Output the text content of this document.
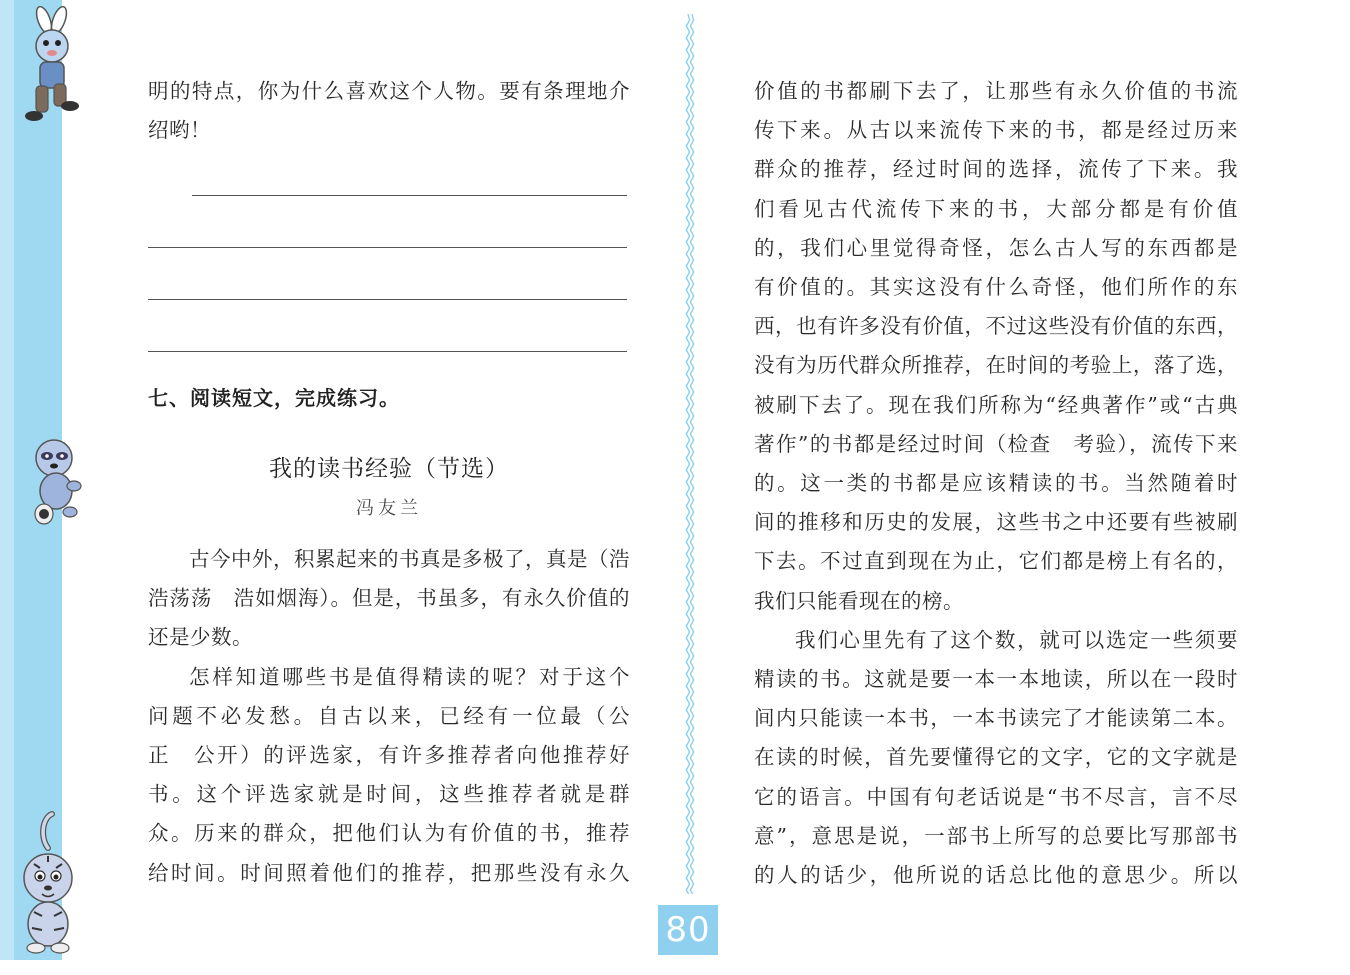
明的特点，你为什么喜欢这个人物。要有条理地介
绍哟！
七、阅读短文，完成练习。
我的读书经验（节选）
冯友兰
古今中外，积累起来的书真是多极了，真是（浩
浩荡荡　浩如烟海）。但是，书虽多，有永久价值的
还是少数。
怎样知道哪些书是值得精读的呢？对于这个
问题不必发愁。自古以来，已经有一位最（公
正　公开）的评选家，有许多推荐者向他推荐好
书。这个评选家就是时间，这些推荐者就是群
众。历来的群众，把他们认为有价值的书，推荐
给时间。时间照着他们的推荐，把那些没有永久
价值的书都刷下去了，让那些有永久价值的书流
传下来。从古以来流传下来的书，都是经过历来
群众的推荐，经过时间的选择，流传了下来。我
们看见古代流传下来的书，大部分都是有价值
的，我们心里觉得奇怪，怎么古人写的东西都是
有价值的。其实这没有什么奇怪，他们所作的东
西，也有许多没有价值，不过这些没有价值的东西，
没有为历代群众所推荐，在时间的考验上，落了选，
被刷下去了。现在我们所称为“经典著作”或“古典
著作”的书都是经过时间（检查　考验），流传下来
的。这一类的书都是应该精读的书。当然随着时
间的推移和历史的发展，这些书之中还要有些被刷
下去。不过直到现在为止，它们都是榜上有名的，
我们只能看现在的榜。
我们心里先有了这个数，就可以选定一些须要
精读的书。这就是要一本一本地读，所以在一段时
间内只能读一本书，一本书读完了才能读第二本。
在读的时候，首先要懂得它的文字，它的文字就是
它的语言。中国有句老话说是“书不尽言，言不尽
意”，意思是说，一部书上所写的总要比写那部书
的人的话少，他所说的话总比他的意思少。所以
80
